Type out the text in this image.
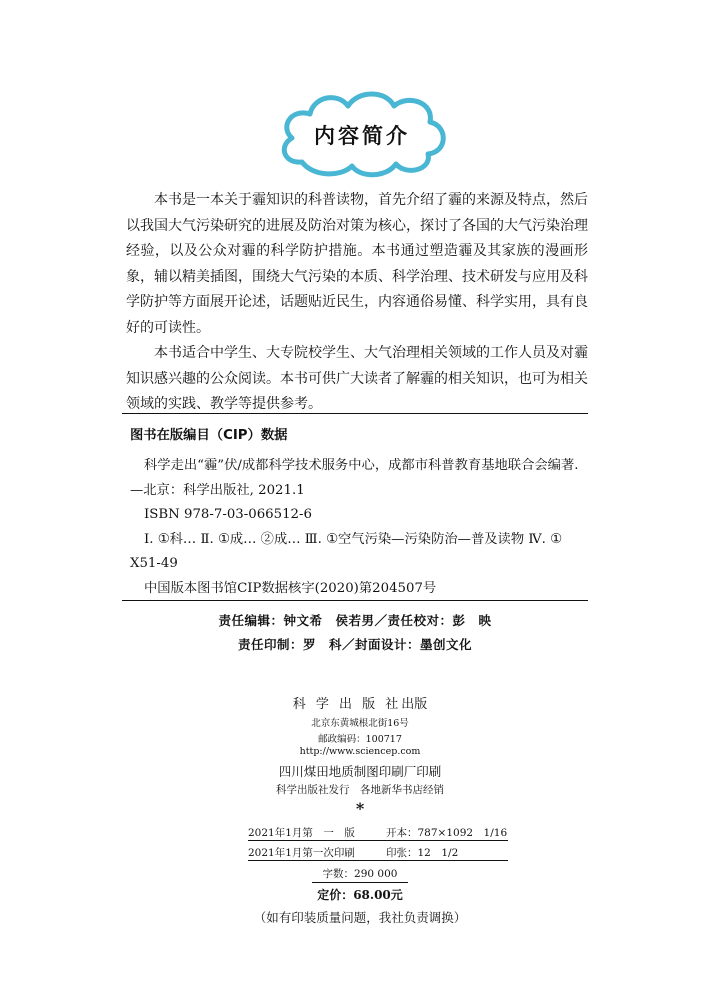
内容简介

本书是一本关于霾知识的科普读物，首先介绍了霾的来源及特点，然后以我国大气污染研究的进展及防治对策为核心，探讨了各国的大气污染治理经验，以及公众对霾的科学防护措施。本书通过塑造霾及其家族的漫画形象，辅以精美插图，围绕大气污染的本质、科学治理、技术研发与应用及科学防护等方面展开论述，话题贴近民生，内容通俗易懂、科学实用，具有良好的可读性。

本书适合中学生、大专院校学生、大气治理相关领域的工作人员及对霾知识感兴趣的公众阅读。本书可供广大读者了解霾的相关知识，也可为相关领域的实践、教学等提供参考。

图书在版编目（CIP）数据
科学走出“霾”伏/成都科学技术服务中心，成都市科普教育基地联合会编著.
—北京：科学出版社, 2021.1
ISBN 978-7-03-066512-6
Ⅰ. ①科… Ⅱ. ①成… ②成… Ⅲ. ①空气污染—污染防治—普及读物 Ⅳ. ①
X51-49
中国版本图书馆CIP数据核字(2020)第204507号
责任编辑：钟文希　侯若男／责任校对：彭　映
责任印制：罗　科／封面设计：墨创文化
科 学 出 版 社出版
北京东黄城根北街16号
邮政编码：100717
http://www.sciencep.com
四川煤田地质制图印刷厂印刷
科学出版社发行　各地新华书店经销
*
2021年1月第　一　版	开本：787×1092　1/16
2021年1月第一次印刷	印张：12　1/2
字数：290 000
定价：68.00元
（如有印装质量问题，我社负责调换）
